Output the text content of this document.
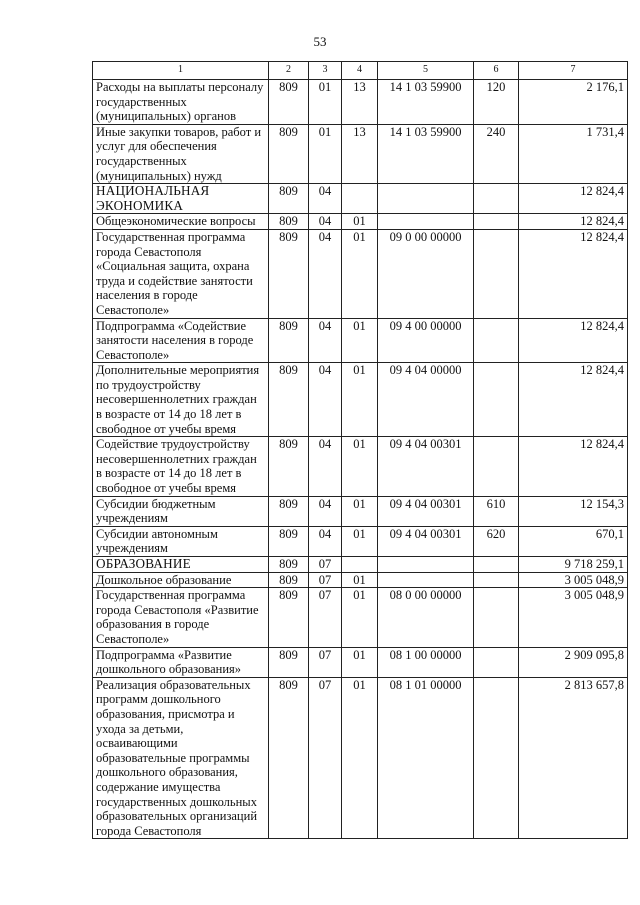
53
1	2	3	4	5	6	7
Расходы на выплаты персоналу государственных (муниципальных) органов	809	01	13	14 1 03 59900	120	2 176,1
Иные закупки товаров, работ и услуг для обеспечения государственных (муниципальных) нужд	809	01	13	14 1 03 59900	240	1 731,4
НАЦИОНАЛЬНАЯ ЭКОНОМИКА	809	04				12 824,4
Общеэкономические вопросы	809	04	01			12 824,4
Государственная программа города Севастополя «Социальная защита, охрана труда и содействие занятости населения в городе Севастополе»	809	04	01	09 0 00 00000		12 824,4
Подпрограмма «Содействие занятости населения в городе Севастополе»	809	04	01	09 4 00 00000		12 824,4
Дополнительные мероприятия по трудоустройству несовершеннолетних граждан в возрасте от 14 до 18 лет в свободное от учебы время	809	04	01	09 4 04 00000		12 824,4
Содействие трудоустройству несовершеннолетних граждан в возрасте от 14 до 18 лет в свободное от учебы время	809	04	01	09 4 04 00301		12 824,4
Субсидии бюджетным учреждениям	809	04	01	09 4 04 00301	610	12 154,3
Субсидии автономным учреждениям	809	04	01	09 4 04 00301	620	670,1
ОБРАЗОВАНИЕ	809	07				9 718 259,1
Дошкольное образование	809	07	01			3 005 048,9
Государственная программа города Севастополя «Развитие образования в городе Севастополе»	809	07	01	08 0 00 00000		3 005 048,9
Подпрограмма «Развитие дошкольного образования»	809	07	01	08 1 00 00000		2 909 095,8
Реализация образовательных программ дошкольного образования, присмотра и ухода за детьми, осваивающими образовательные программы дошкольного образования, содержание имущества государственных дошкольных образовательных организаций города Севастополя	809	07	01	08 1 01 00000		2 813 657,8
